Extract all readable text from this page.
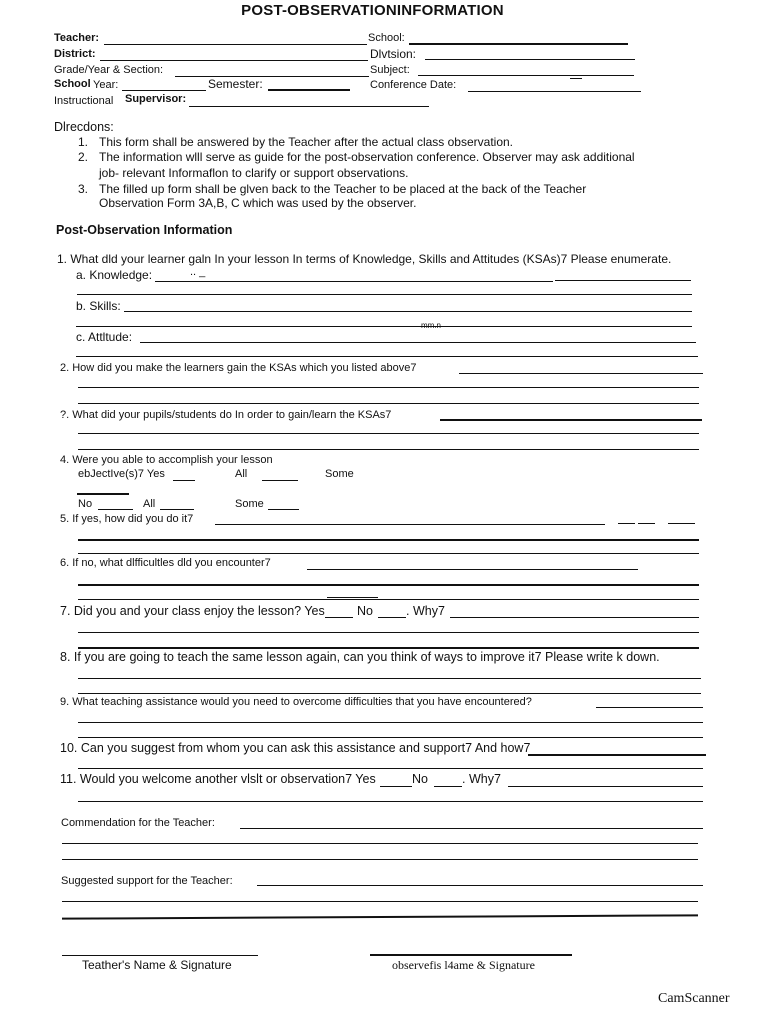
POST-OBSERVATIONINFORMATION
Teacher:
District:
Grade/Year & Section:
School Year:	Semester:
Instructional Supervisor:
School:
Dlvtsion:
Subject:
Conference Date:
Dlrecdons:
1. This form shall be answered by the Teacher after the actual class observation.
2. The information wlll serve as guide for the post-observation conference. Observer may ask additional
job- relevant Informaflon to clarify or support observations.
3. The filled up form shall be glven back to the Teacher to be placed at the back of the Teacher
Observation Form 3A,B, C which was used by the observer.
Post-Observation Information
1. What dld your learner galn In your lesson In terms of Knowledge, Skills and Attitudes (KSAs)7 Please enumerate.
a. Knowledge:	.. _
b. Skills:
mm.n
c. Attltude:
2. How did you make the learners gain the KSAs which you listed above7
?. What did your pupils/students do In order to gain/learn the KSAs7
4. Were you able to accomplish your lesson
ebJectIve(s)7 Yes	All	Some
No	All	Some
5. If yes, how did you do it7
6. If no, what dlfficultles dld you encounter7
7. Did you and your class enjoy the lesson? Yes	No	. Why7
8. If you are going to teach the same lesson again, can you think of ways to improve it7 Please write k down.
9. What teaching assistance would you need to overcome difficulties that you have encountered?
10. Can you suggest from whom you can ask this assistance and support7 And how7
11. Would you welcome another vlslt or observation7 Yes	No	. Why7
Commendation for the Teacher:
Suggested support for the Teacher:
Teather's Name & Signature	observefis l4ame & Signature
CamScanner
